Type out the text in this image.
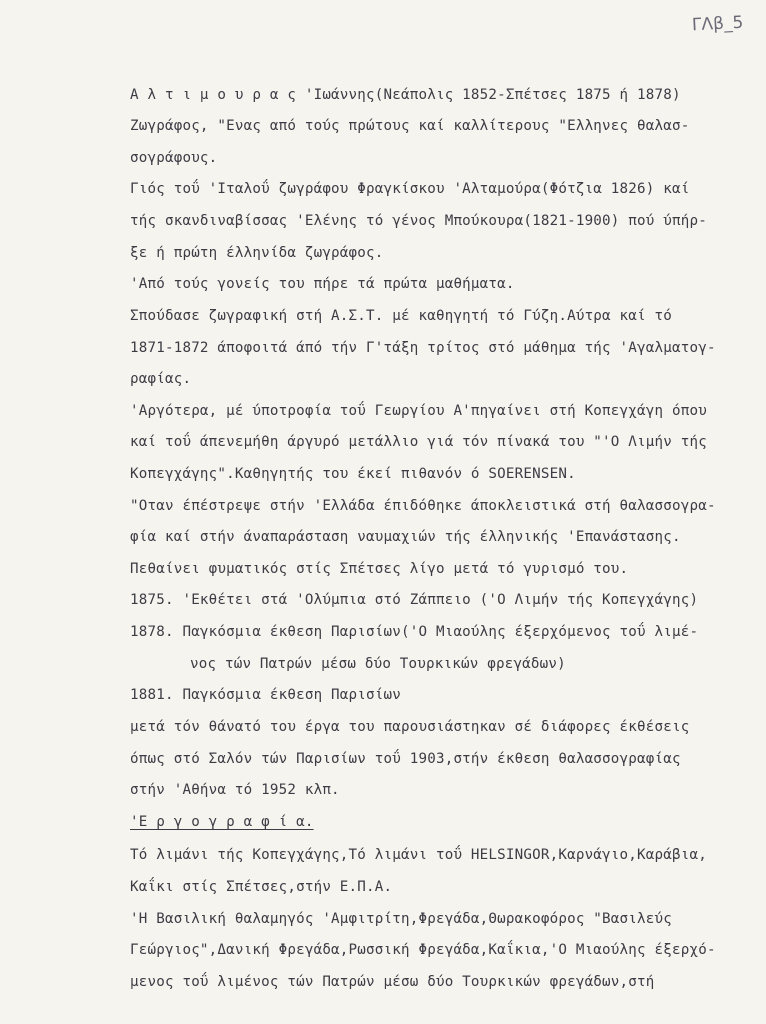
ΓΛβ_5
Α λ τ ι μ ο υ ρ α ς 'Ιωάννης(Νεάπολις 1852-Σπέτσες 1875 ή 1878)
Ζωγράφος, "Ενας από τούς πρώτους καί καλλίτερους "Ελληνες θαλασ-
σογράφους.
Γιός τοΰ 'Ιταλοΰ ζωγράφου Φραγκίσκου 'Αλταμούρα(Φότζια 1826) καί
τής σκανδιναβίσσας 'Ελένης τό γένος Μπούκουρα(1821-1900) πού ύπήρ-
ξε ή πρώτη έλληνίδα ζωγράφος.
'Από τούς γονείς του πήρε τά πρώτα μαθήματα.
Σπούδασε ζωγραφική στή Α.Σ.Τ. μέ καθηγητή τό Γύζη.Αύτρα καί τό
1871-1872 άποφοιτά άπό τήν Γ'τάξη τρίτος στό μάθημα τής 'Αγαλματογ-
ραφίας.
'Αργότερα, μέ ύποτροφία τοΰ Γεωργίου Α'πηγαίνει στή Κοπεγχάγη όπου
καί τοΰ άπενεμήθη άργυρό μετάλλιο γιά τόν πίνακά του "'Ο Λιμήν τής
Κοπεγχάγης".Καθηγητής του έκεί πιθανόν ό SOERENSEN.
"Οταν έπέστρεψε στήν 'Ελλάδα έπιδόθηκε άποκλειστικά στή θαλασσογρα-
φία καί στήν άναπαράσταση ναυμαχιών τής έλληνικής 'Επανάστασης.
Πεθαίνει φυματικός στίς Σπέτσες λίγο μετά τό γυρισμό του.
1875. 'Εκθέτει στά 'Ολύμπια στό Ζάππειο ('Ο Λιμήν τής Κοπεγχάγης)
1878. Παγκόσμια έκθεση Παρισίων('Ο Μιαούλης έξερχόμενος τοΰ λιμέ-
νος τών Πατρών μέσω δύο Τουρκικών φρεγάδων)
1881. Παγκόσμια έκθεση Παρισίων
μετά τόν θάνατό του έργα του παρουσιάστηκαν σέ διάφορες έκθέσεις
όπως στό Σαλόν τών Παρισίων τοΰ 1903,στήν έκθεση θαλασσογραφίας
στήν 'Αθήνα τό 1952 κλπ.
'Ε ρ γ ο γ ρ α φ ί α.
Τό λιμάνι τής Κοπεγχάγης,Τό λιμάνι τοΰ HELSINGOR,Καρνάγιο,Καράβια,
Καΐκι στίς Σπέτσες,στήν Ε.Π.Α.
'Η Βασιλική θαλαμηγός 'Αμφιτρίτη,Φρεγάδα,Θωρακοφόρος "Βασιλεύς
Γεώργιος",Δανική Φρεγάδα,Ρωσσική Φρεγάδα,Καΐκια,'Ο Μιαούλης έξερχό-
μενος τοΰ λιμένος τών Πατρών μέσω δύο Τουρκικών φρεγάδων,στή
